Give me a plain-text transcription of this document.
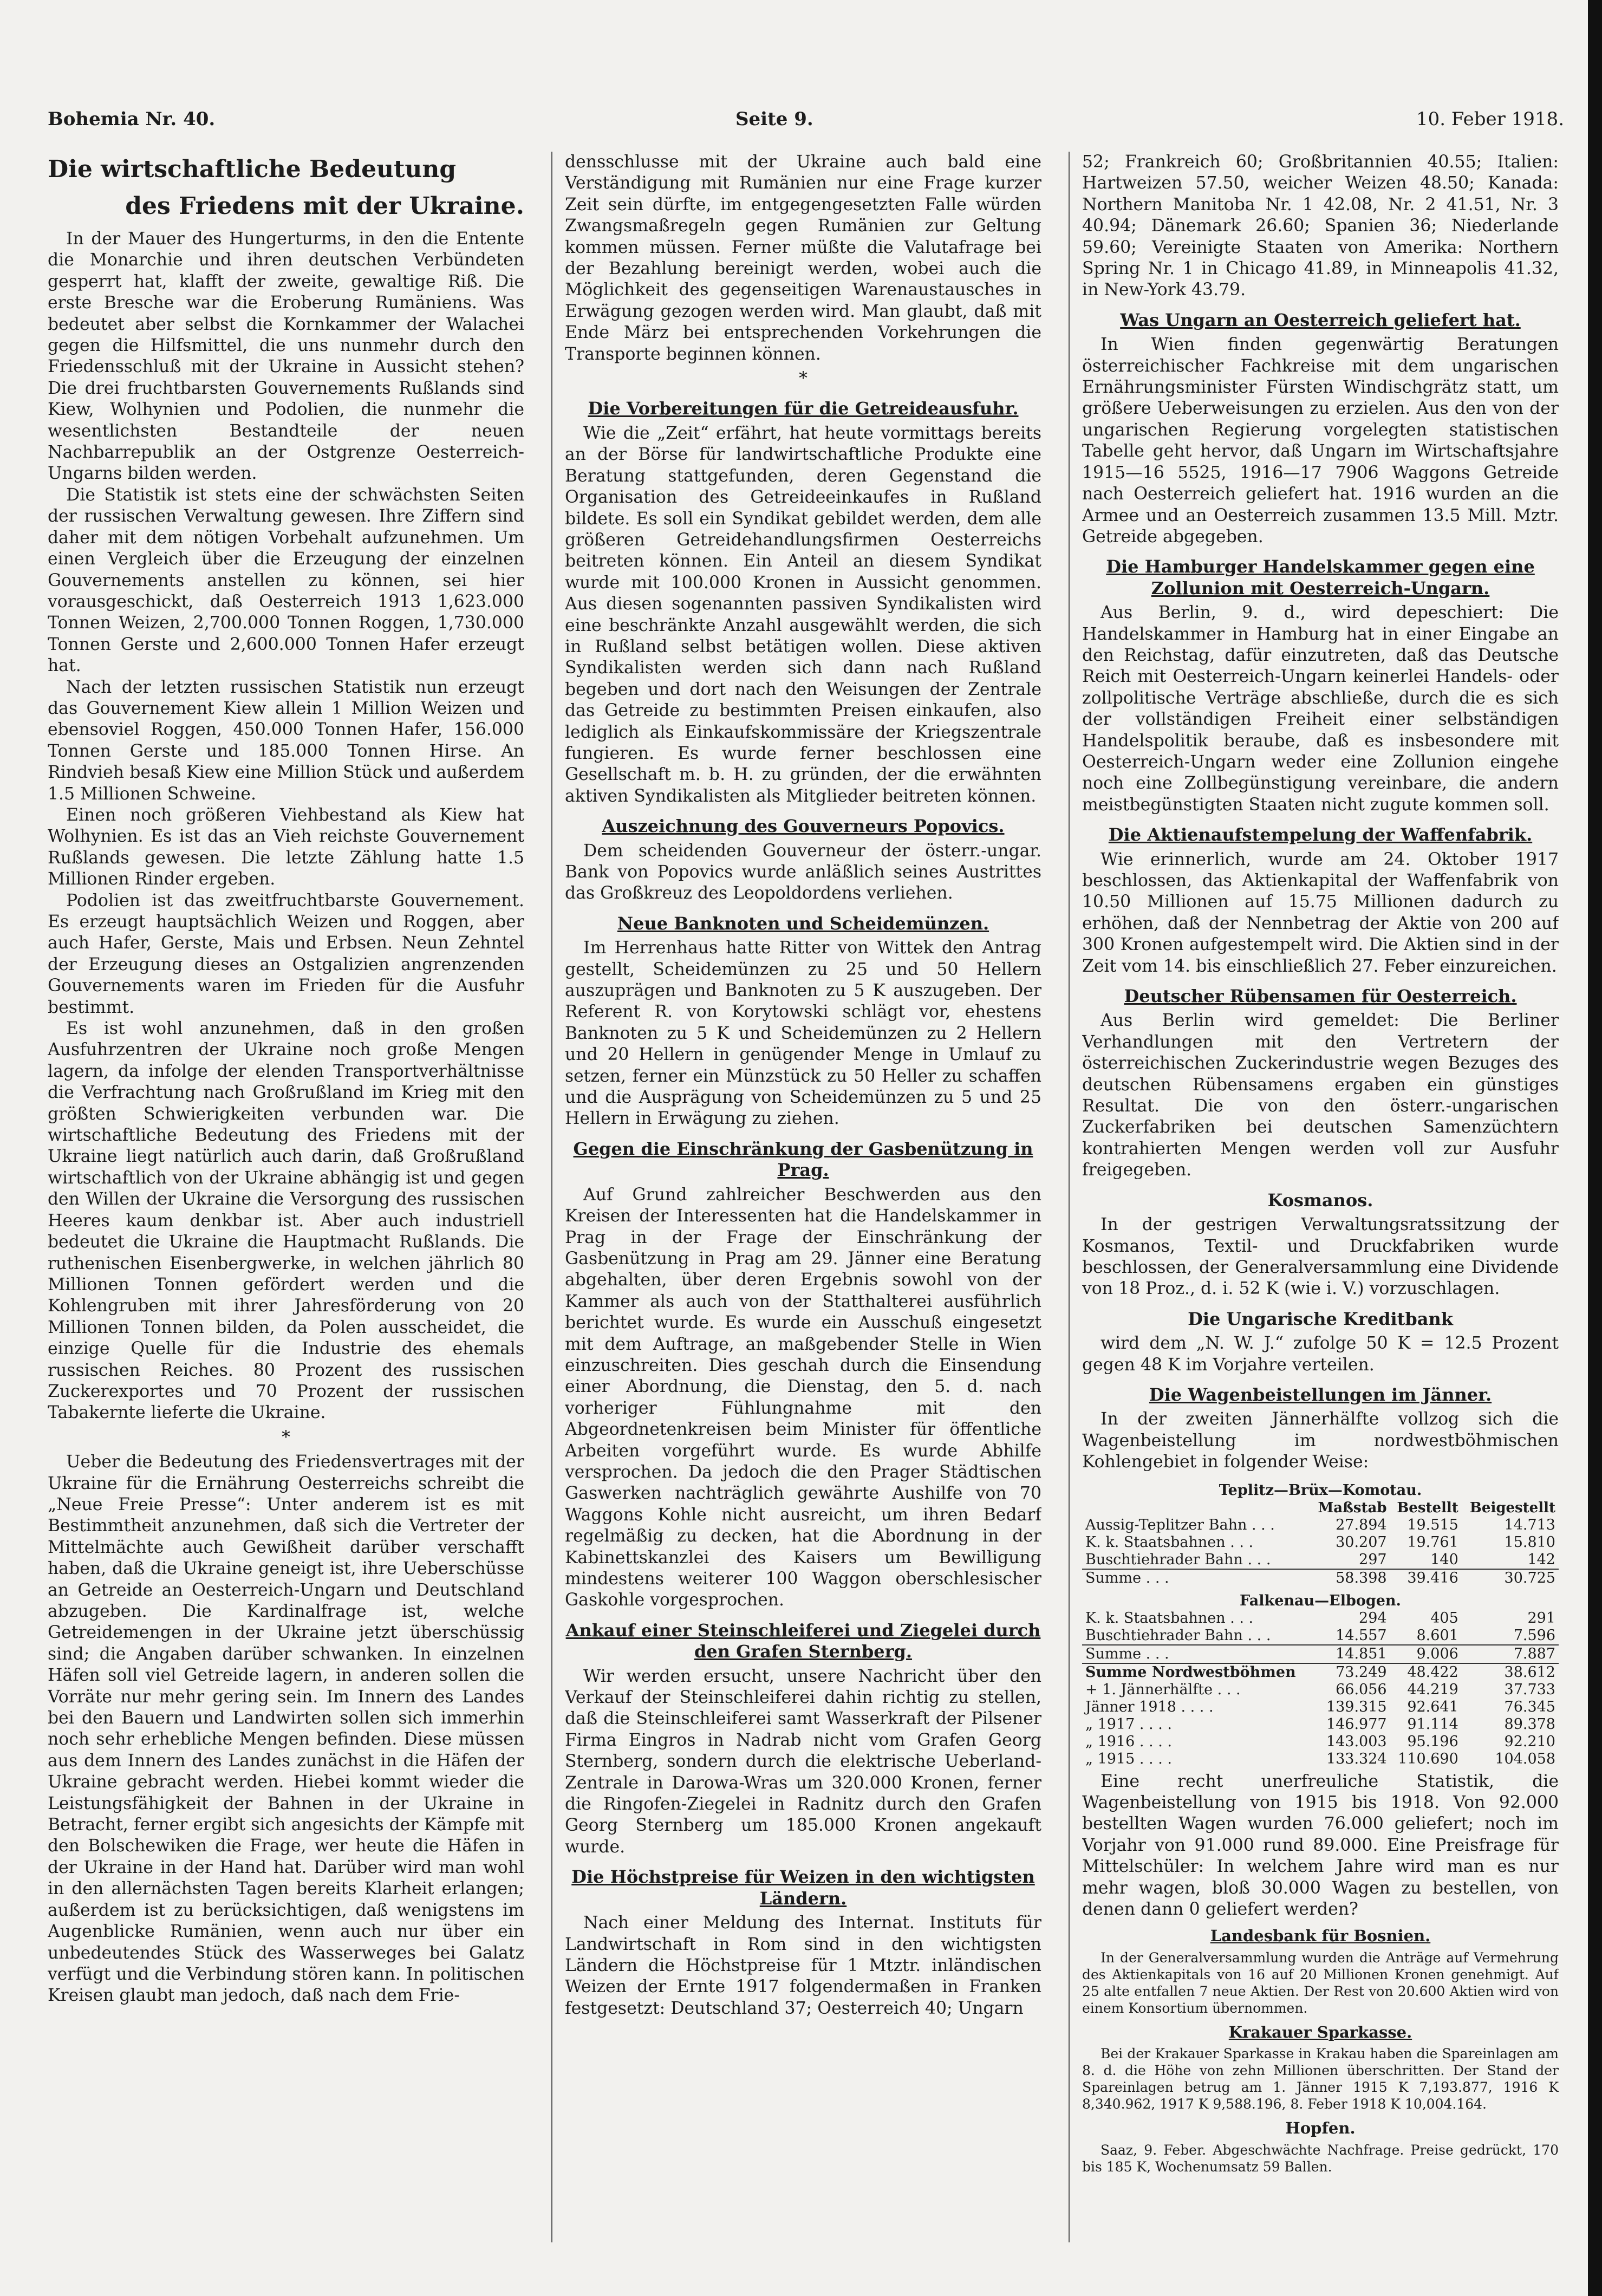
Bohemia Nr. 40.	Seite 9.	10. Feber 1918.
Die wirtschaftliche Bedeutung
des Friedens mit der Ukraine.

In der Mauer des Hungerturms, in den die Entente die Monarchie und ihren deutschen Verbündeten gesperrt hat, klafft der zweite, gewaltige Riß. Die erste Bresche war die Eroberung Rumäniens. Was bedeutet aber selbst die Kornkammer der Walachei gegen die Hilfsmittel, die uns nunmehr durch den Friedensschluß mit der Ukraine in Aussicht stehen? Die drei fruchtbarsten Gouvernements Rußlands sind Kiew, Wolhynien und Podolien, die nunmehr die wesentlichsten Bestandteile der neuen Nachbarrepublik an der Ostgrenze Oesterreich-Ungarns bilden werden.

Die Statistik ist stets eine der schwächsten Seiten der russischen Verwaltung gewesen. Ihre Ziffern sind daher mit dem nötigen Vorbehalt aufzunehmen. Um einen Vergleich über die Erzeugung der einzelnen Gouvernements anstellen zu können, sei hier vorausgeschickt, daß Oesterreich 1913 1,623.000 Tonnen Weizen, 2,700.000 Tonnen Roggen, 1,730.000 Tonnen Gerste und 2,600.000 Tonnen Hafer erzeugt hat.

Nach der letzten russischen Statistik nun erzeugt das Gouvernement Kiew allein 1 Million Weizen und ebensoviel Roggen, 450.000 Tonnen Hafer, 156.000 Tonnen Gerste und 185.000 Tonnen Hirse. An Rindvieh besaß Kiew eine Million Stück und außerdem 1.5 Millionen Schweine.

Einen noch größeren Viehbestand als Kiew hat Wolhynien. Es ist das an Vieh reichste Gouvernement Rußlands gewesen. Die letzte Zählung hatte 1.5 Millionen Rinder ergeben.

Podolien ist das zweitfruchtbarste Gouvernement. Es erzeugt hauptsächlich Weizen und Roggen, aber auch Hafer, Gerste, Mais und Erbsen. Neun Zehntel der Erzeugung dieses an Ostgalizien angrenzenden Gouvernements waren im Frieden für die Ausfuhr bestimmt.

Es ist wohl anzunehmen, daß in den großen Ausfuhrzentren der Ukraine noch große Mengen lagern, da infolge der elenden Transportverhältnisse die Verfrachtung nach Großrußland im Krieg mit den größten Schwierigkeiten verbunden war. Die wirtschaftliche Bedeutung des Friedens mit der Ukraine liegt natürlich auch darin, daß Großrußland wirtschaftlich von der Ukraine abhängig ist und gegen den Willen der Ukraine die Versorgung des russischen Heeres kaum denkbar ist. Aber auch industriell bedeutet die Ukraine die Hauptmacht Rußlands. Die ruthenischen Eisenbergwerke, in welchen jährlich 80 Millionen Tonnen gefördert werden und die Kohlengruben mit ihrer Jahresförderung von 20 Millionen Tonnen bilden, da Polen ausscheidet, die einzige Quelle für die Industrie des ehemals russischen Reiches. 80 Prozent des russischen Zuckerexportes und 70 Prozent der russischen Tabakernte lieferte die Ukraine.

*

Ueber die Bedeutung des Friedensvertrages mit der Ukraine für die Ernährung Oesterreichs schreibt die „Neue Freie Presse“: Unter anderem ist es mit Bestimmtheit anzunehmen, daß sich die Vertreter der Mittelmächte auch Gewißheit darüber verschafft haben, daß die Ukraine geneigt ist, ihre Ueberschüsse an Getreide an Oesterreich-Ungarn und Deutschland abzugeben. Die Kardinalfrage ist, welche Getreidemengen in der Ukraine jetzt überschüssig sind; die Angaben darüber schwanken. In einzelnen Häfen soll viel Getreide lagern, in anderen sollen die Vorräte nur mehr gering sein. Im Innern des Landes bei den Bauern und Landwirten sollen sich immerhin noch sehr erhebliche Mengen befinden. Diese müssen aus dem Innern des Landes zunächst in die Häfen der Ukraine gebracht werden. Hiebei kommt wieder die Leistungsfähigkeit der Bahnen in der Ukraine in Betracht, ferner ergibt sich angesichts der Kämpfe mit den Bolschewiken die Frage, wer heute die Häfen in der Ukraine in der Hand hat. Darüber wird man wohl in den allernächsten Tagen bereits Klarheit erlangen; außerdem ist zu berücksichtigen, daß wenigstens im Augenblicke Rumänien, wenn auch nur über ein unbedeutendes Stück des Wasserweges bei Galatz verfügt und die Verbindung stören kann. In politischen Kreisen glaubt man jedoch, daß nach dem Frie-

densschlusse mit der Ukraine auch bald eine Verständigung mit Rumänien nur eine Frage kurzer Zeit sein dürfte, im entgegengesetzten Falle würden Zwangsmaßregeln gegen Rumänien zur Geltung kommen müssen. Ferner müßte die Valutafrage bei der Bezahlung bereinigt werden, wobei auch die Möglichkeit des gegenseitigen Warenaustausches in Erwägung gezogen werden wird. Man glaubt, daß mit Ende März bei entsprechenden Vorkehrungen die Transporte beginnen können.

*
Die Vorbereitungen für die Getreideausfuhr.

Wie die „Zeit“ erfährt, hat heute vormittags bereits an der Börse für landwirtschaftliche Produkte eine Beratung stattgefunden, deren Gegenstand die Organisation des Getreideeinkaufes in Rußland bildete. Es soll ein Syndikat gebildet werden, dem alle größeren Getreidehandlungsfirmen Oesterreichs beitreten können. Ein Anteil an diesem Syndikat wurde mit 100.000 Kronen in Aussicht genommen. Aus diesen sogenannten passiven Syndikalisten wird eine beschränkte Anzahl ausgewählt werden, die sich in Rußland selbst betätigen wollen. Diese aktiven Syndikalisten werden sich dann nach Rußland begeben und dort nach den Weisungen der Zentrale das Getreide zu bestimmten Preisen einkaufen, also lediglich als Einkaufskommissäre der Kriegszentrale fungieren. Es wurde ferner beschlossen eine Gesellschaft m. b. H. zu gründen, der die erwähnten aktiven Syndikalisten als Mitglieder beitreten können.

Auszeichnung des Gouverneurs Popovics.

Dem scheidenden Gouverneur der österr.-ungar. Bank von Popovics wurde anläßlich seines Austrittes das Großkreuz des Leopoldordens verliehen.

Neue Banknoten und Scheidemünzen.

Im Herrenhaus hatte Ritter von Wittek den Antrag gestellt, Scheidemünzen zu 25 und 50 Hellern auszuprägen und Banknoten zu 5 K auszugeben. Der Referent R. von Korytowski schlägt vor, ehestens Banknoten zu 5 K und Scheidemünzen zu 2 Hellern und 20 Hellern in genügender Menge in Umlauf zu setzen, ferner ein Münzstück zu 50 Heller zu schaffen und die Ausprägung von Scheidemünzen zu 5 und 25 Hellern in Erwägung zu ziehen.

Gegen die Einschränkung der Gasbenützung in Prag.

Auf Grund zahlreicher Beschwerden aus den Kreisen der Interessenten hat die Handelskammer in Prag in der Frage der Einschränkung der Gasbenützung in Prag am 29. Jänner eine Beratung abgehalten, über deren Ergebnis sowohl von der Kammer als auch von der Statthalterei ausführlich berichtet wurde. Es wurde ein Ausschuß eingesetzt mit dem Auftrage, an maßgebender Stelle in Wien einzuschreiten. Dies geschah durch die Einsendung einer Abordnung, die Dienstag, den 5. d. nach vorheriger Fühlungnahme mit den Abgeordnetenkreisen beim Minister für öffentliche Arbeiten vorgeführt wurde. Es wurde Abhilfe versprochen. Da jedoch die den Prager Städtischen Gaswerken nachträglich gewährte Aushilfe von 70 Waggons Kohle nicht ausreicht, um ihren Bedarf regelmäßig zu decken, hat die Abordnung in der Kabinettskanzlei des Kaisers um Bewilligung mindestens weiterer 100 Waggon oberschlesischer Gaskohle vorgesprochen.

Ankauf einer Steinschleiferei und Ziegelei durch den Grafen Sternberg.

Wir werden ersucht, unsere Nachricht über den Verkauf der Steinschleiferei dahin richtig zu stellen, daß die Steinschleiferei samt Wasserkraft der Pilsener Firma Eingros in Nadrab nicht vom Grafen Georg Sternberg, sondern durch die elektrische Ueberland-Zentrale in Darowa-Wras um 320.000 Kronen, ferner die Ringofen-Ziegelei in Radnitz durch den Grafen Georg Sternberg um 185.000 Kronen angekauft wurde.

Die Höchstpreise für Weizen in den wichtigsten Ländern.

Nach einer Meldung des Internat. Instituts für Landwirtschaft in Rom sind in den wichtigsten Ländern die Höchstpreise für 1 Mtztr. inländischen Weizen der Ernte 1917 folgendermaßen in Franken festgesetzt: Deutschland 37; Oesterreich 40; Ungarn

52; Frankreich 60; Großbritannien 40.55; Italien: Hartweizen 57.50, weicher Weizen 48.50; Kanada: Northern Manitoba Nr. 1 42.08, Nr. 2 41.51, Nr. 3 40.94; Dänemark 26.60; Spanien 36; Niederlande 59.60; Vereinigte Staaten von Amerika: Northern Spring Nr. 1 in Chicago 41.89, in Minneapolis 41.32, in New-York 43.79.

Was Ungarn an Oesterreich geliefert hat.

In Wien finden gegenwärtig Beratungen österreichischer Fachkreise mit dem ungarischen Ernährungsminister Fürsten Windischgrätz statt, um größere Ueberweisungen zu erzielen. Aus den von der ungarischen Regierung vorgelegten statistischen Tabelle geht hervor, daß Ungarn im Wirtschaftsjahre 1915—16 5525, 1916—17 7906 Waggons Getreide nach Oesterreich geliefert hat. 1916 wurden an die Armee und an Oesterreich zusammen 13.5 Mill. Mztr. Getreide abgegeben.

Die Hamburger Handelskammer gegen eine Zollunion mit Oesterreich-Ungarn.

Aus Berlin, 9. d., wird depeschiert: Die Handelskammer in Hamburg hat in einer Eingabe an den Reichstag, dafür einzutreten, daß das Deutsche Reich mit Oesterreich-Ungarn keinerlei Handels- oder zollpolitische Verträge abschließe, durch die es sich der vollständigen Freiheit einer selbständigen Handelspolitik beraube, daß es insbesondere mit Oesterreich-Ungarn weder eine Zollunion eingehe noch eine Zollbegünstigung vereinbare, die andern meistbegünstigten Staaten nicht zugute kommen soll.

Die Aktienaufstempelung der Waffenfabrik.

Wie erinnerlich, wurde am 24. Oktober 1917 beschlossen, das Aktienkapital der Waffenfabrik von 10.50 Millionen auf 15.75 Millionen dadurch zu erhöhen, daß der Nennbetrag der Aktie von 200 auf 300 Kronen aufgestempelt wird. Die Aktien sind in der Zeit vom 14. bis einschließlich 27. Feber einzureichen.

Deutscher Rübensamen für Oesterreich.

Aus Berlin wird gemeldet: Die Berliner Verhandlungen mit den Vertretern der österreichischen Zuckerindustrie wegen Bezuges des deutschen Rübensamens ergaben ein günstiges Resultat. Die von den österr.-ungarischen Zuckerfabriken bei deutschen Samenzüchtern kontrahierten Mengen werden voll zur Ausfuhr freigegeben.

Kosmanos.

In der gestrigen Verwaltungsratssitzung der Kosmanos, Textil- und Druckfabriken wurde beschlossen, der Generalversammlung eine Dividende von 18 Proz., d. i. 52 K (wie i. V.) vorzuschlagen.

Die Ungarische Kreditbank

wird dem „N. W. J.“ zufolge 50 K = 12.5 Prozent gegen 48 K im Vorjahre verteilen.

Die Wagenbeistellungen im Jänner.

In der zweiten Jännerhälfte vollzog sich die Wagenbeistellung im nordwestböhmischen Kohlengebiet in folgender Weise:

Teplitz—Brüx—Komotau.			
	Maßstab	Bestellt	Beigestellt
Aussig-Teplitzer Bahn . . .	27.894	19.515	14.713
K. k. Staatsbahnen . . .	30.207	19.761	15.810
Buschtiehrader Bahn . . .	297	140	142
Summe . . .	58.398	39.416	30.725
Falkenau—Elbogen.			
K. k. Staatsbahnen . . .	294	405	291
Buschtiehrader Bahn . . .	14.557	8.601	7.596
Summe . . .	14.851	9.006	7.887
Summe Nordwestböhmen	73.249	48.422	38.612
+ 1. Jännerhälfte . . .	66.056	44.219	37.733
Jänner 1918 . . . .	139.315	92.641	76.345
„ 1917 . . . .	146.977	91.114	89.378
„ 1916 . . . .	143.003	95.196	92.210
„ 1915 . . . .	133.324	110.690	104.058

Eine recht unerfreuliche Statistik, die Wagenbeistellung von 1915 bis 1918. Von 92.000 bestellten Wagen wurden 76.000 geliefert; noch im Vorjahr von 91.000 rund 89.000. Eine Preisfrage für Mittelschüler: In welchem Jahre wird man es nur mehr wagen, bloß 30.000 Wagen zu bestellen, von denen dann 0 geliefert werden?

Landesbank für Bosnien.

In der Generalversammlung wurden die Anträge auf Vermehrung des Aktienkapitals von 16 auf 20 Millionen Kronen genehmigt. Auf 25 alte entfallen 7 neue Aktien. Der Rest von 20.600 Aktien wird von einem Konsortium übernommen.

Krakauer Sparkasse.

Bei der Krakauer Sparkasse in Krakau haben die Spareinlagen am 8. d. die Höhe von zehn Millionen überschritten. Der Stand der Spareinlagen betrug am 1. Jänner 1915 K 7,193.877, 1916 K 8,340.962, 1917 K 9,588.196, 8. Feber 1918 K 10,004.164.

Hopfen.

Saaz, 9. Feber. Abgeschwächte Nachfrage. Preise gedrückt, 170 bis 185 K, Wochenumsatz 59 Ballen.
